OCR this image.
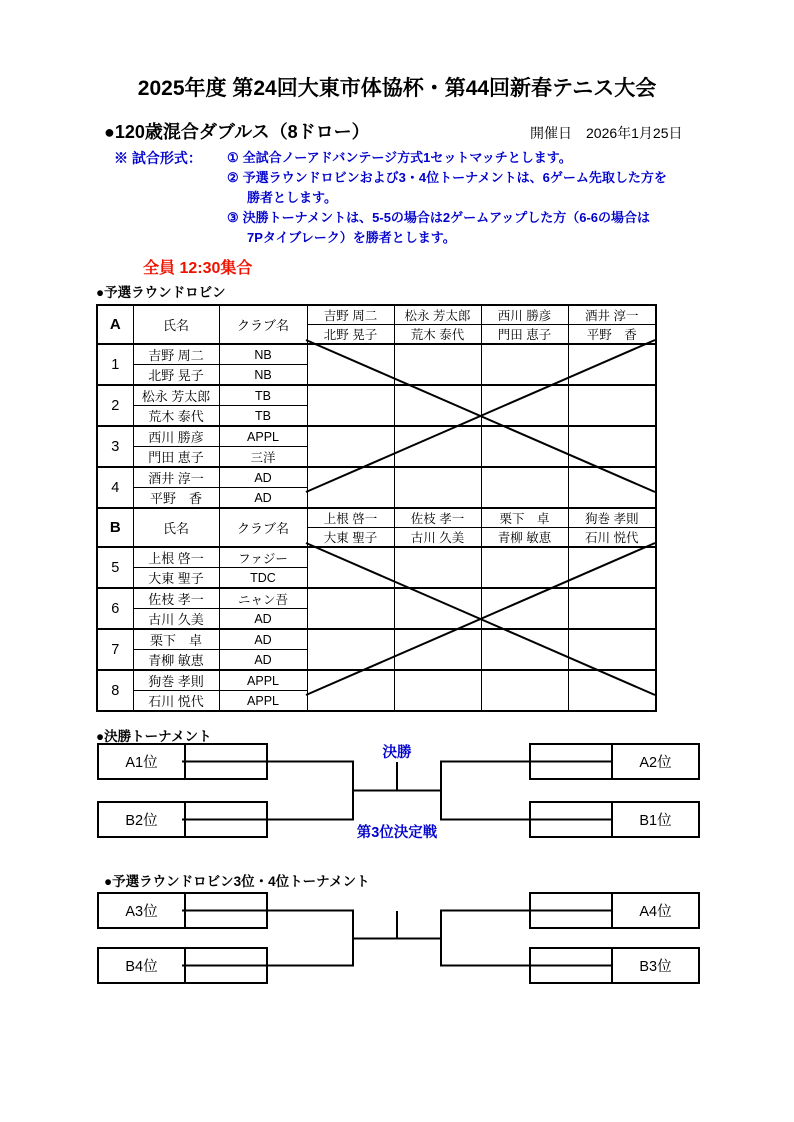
2025年度 第24回大東市体協杯・第44回新春テニス大会
●120歳混合ダブルス（8ドロー）	開催日　2026年1月25日
※ 試合形式： ① 全試合ノーアドバンテージ方式1セットマッチとします。
② 予選ラウンドロビンおよび3・4位トーナメントは、6ゲーム先取した方を
勝者とします。
③ 決勝トーナメントは、5-5の場合は2ゲームアップした方（6-6の場合は
7Pタイブレーク）を勝者とします。
全員 12:30集合
●予選ラウンドロビン
A	氏名	クラブ名	吉野 周二	松永 芳太郎	西川 勝彦	酒井 淳一
			北野 晃子	荒木 泰代	門田 恵子	平野　香
1	吉野 周二	NB				
	北野 晃子	NB				
2	松永 芳太郎	TB				
	荒木 泰代	TB				
3	西川 勝彦	APPL				
	門田 恵子	三洋				
4	酒井 淳一	AD				
	平野　香	AD				
B	氏名	クラブ名	上根 啓一	佐枝 孝一	栗下　卓	狗巻 孝則
			大東 聖子	古川 久美	青柳 敏恵	石川 悦代
5	上根 啓一	ファジー				
	大東 聖子	TDC				
6	佐枝 孝一	ニャン吾				
	古川 久美	AD				
7	栗下　卓	AD				
	青柳 敏恵	AD				
8	狗巻 孝則	APPL				
	石川 悦代	APPL				
●決勝トーナメント
A1位
B2位
A2位
B1位
決勝
第3位決定戦
●予選ラウンドロビン3位・4位トーナメント
A3位
B4位
A4位
B3位
